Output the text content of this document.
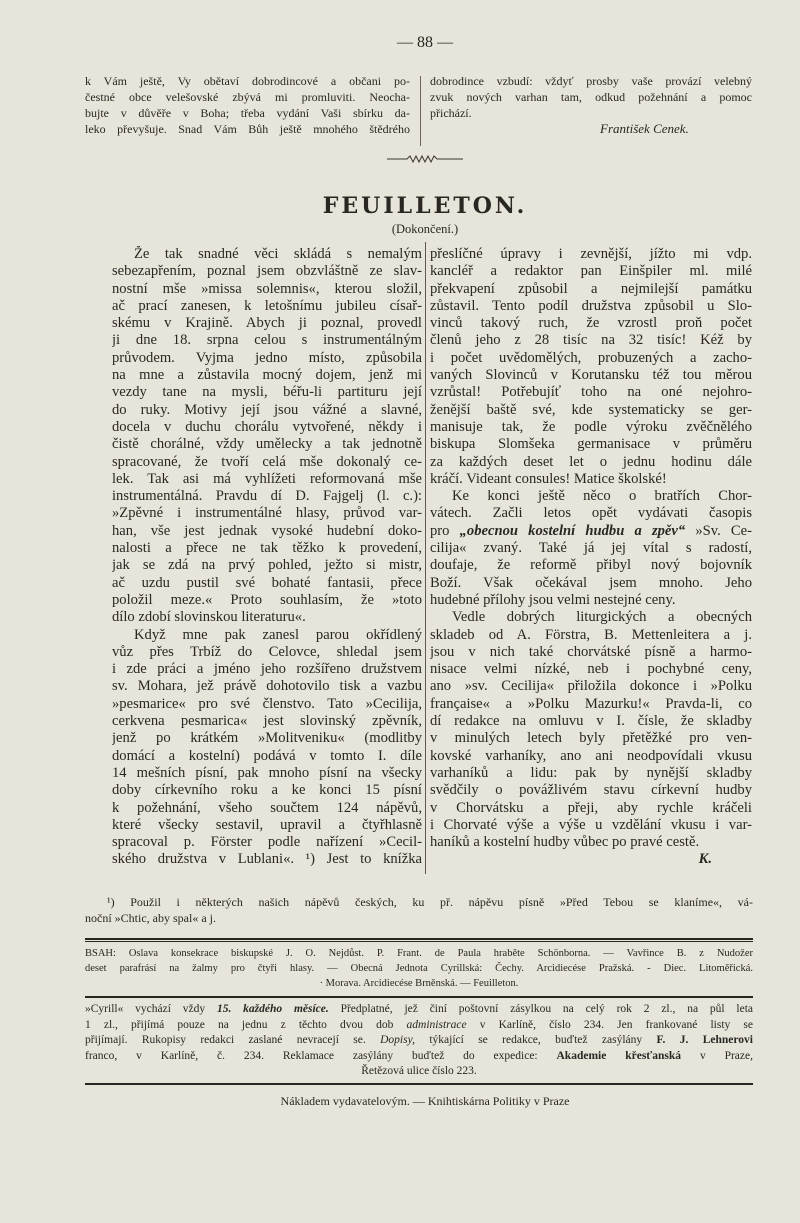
— 88 —
k Vám ještě, Vy obětaví dobrodincové a občani po-
čestné obce velešovské zbývá mi promluviti. Neocha-
bujte v důvěře v Boha; třeba vydání Vaši sbírku da-
leko převyšuje. Snad Vám Bůh ještě mnohého štědrého
dobrodince vzbudí: vždyť prosby vaše provází velebný
zvuk nových varhan tam, odkud požehnání a pomoc
přichází.
František Cenek.
FEUILLETON.
(Dokončení.)
Že tak snadné věci skládá s nemalým
sebezapřením, poznal jsem obzvláštně ze slav-
nostní mše »missa solemnis«, kterou složil,
ač prací zanesen, k letošnímu jubileu císař-
skému v Krajině. Abych ji poznal, provedl
ji dne 18. srpna celou s instrumentálným
průvodem. Vyjma jedno místo, způsobila
na mne a zůstavila mocný dojem, jenž mi
vezdy tane na mysli, béřu-li partituru její
do ruky. Motivy její jsou vážné a slavné,
docela v duchu chorálu vytvořené, někdy i
čistě chorálné, vždy umělecky a tak jednotně
spracované, že tvoří celá mše dokonalý ce-
lek. Tak asi má vyhlížeti reformovaná mše
instrumentálná. Pravdu dí D. Fajgelj (l. c.):
»Zpěvné i instrumentálné hlasy, průvod var-
han, vše jest jednak vysoké hudební doko-
nalosti a přece ne tak těžko k provedení,
jak se zdá na prvý pohled, ježto si mistr,
ač uzdu pustil své bohaté fantasii, přece
položil meze.« Proto souhlasím, že »toto
dílo zdobí slovinskou literaturu«.
Když mne pak zanesl parou okřídlený
vůz přes Trbíž do Celovce, shledal jsem
i zde práci a jméno jeho rozšířeno družstvem
sv. Mohara, jež právě dohotovilo tisk a vazbu
»pesmarice« pro své členstvo. Tato »Cecilija,
cerkvena pesmarica« jest slovinský zpěvník,
jenž po krátkém »Molitveniku« (modlitby
domácí a kostelní) podává v tomto I. díle
14 mešních písní, pak mnoho písní na všecky
doby církevního roku a ke konci 15 písní
k požehnání, všeho součtem 124 nápěvů,
které všecky sestavil, upravil a čtyřhlasně
spracoval p. Förster podle nařízení »Cecil-
ského družstva v Lublani«. ¹) Jest to knížka
přeslíčné úpravy i zevnější, jížto mi vdp.
kancléř a redaktor pan Einšpiler ml. milé
překvapení způsobil a nejmilejší památku
zůstavil. Tento podíl družstva způsobil u Slo-
vinců takový ruch, že vzrostl proň počet
členů jeho z 28 tisíc na 32 tisíc! Kéž by
i počet uvědomělých, probuzených a zacho-
vaných Slovinců v Korutansku též tou měrou
vzrůstal! Potřebujíť toho na oné nejohro-
ženější baště své, kde systematicky se ger-
manisuje tak, že podle výroku zvěčnělého
biskupa Slomšeka germanisace v průměru
za každých deset let o jednu hodinu dále
kráčí. Videant consules! Matice školské!
Ke konci ještě něco o bratřích Chor-
vátech. Začli letos opět vydávati časopis
pro „obecnou kostelní hudbu a zpěv“ »Sv. Ce-
cilija« zvaný. Také já jej vítal s radostí,
doufaje, že reformě přibyl nový bojovník
Boží. Však očekával jsem mnoho. Jeho
hudebné přílohy jsou velmi nestejné ceny.
Vedle dobrých liturgických a obecných
skladeb od A. Förstra, B. Mettenleitera a j.
jsou v nich také chorvátské písně a harmo-
nisace velmi nízké, neb i pochybné ceny,
ano »sv. Cecilija« přiložila dokonce i »Polku
française« a »Polku Mazurku!« Pravda-li, co
dí redakce na omluvu v I. čísle, že skladby
v minulých letech byly přetěžké pro ven-
kovské varhaníky, ano ani neodpovídali vkusu
varhaníků a lidu: pak by nynější skladby
svědčily o povážlivém stavu církevní hudby
v Chorvátsku a přeji, aby rychle kráčeli
i Chorvaté výše a výše u vzdělání vkusu i var-
haníků a kostelní hudby vůbec po pravé cestě.
K.
¹) Použil i některých našich nápěvů českých, ku př. nápěvu písně »Před Tebou se klaníme«, vá-
noční »Chtic, aby spal« a j.
BSAH: Oslava konsekrace biskupské J. O. Nejdůst. P. Frant. de Paula hraběte Schönborna. — Vavřince B. z Nudožer
deset parafrásí na žalmy pro čtyři hlasy. — Obecná Jednota Cyrillská: Čechy. Arcidiecése Pražská. - Diec. Litoměřická.
· Morava. Arcidiecése Brněnská. — Feuilleton.
»Cyrill« vychází vždy 15. každého měsíce. Předplatné, jež činí poštovní zásylkou na celý rok 2 zl., na půl leta
1 zl., přijímá pouze na jednu z těchto dvou dob administrace v Karlíně, číslo 234. Jen frankované listy se
přijímají. Rukopisy redakci zaslané nevracejí se. Dopisy, týkající se redakce, buďtež zasýlány F. J. Lehnerovi
franco, v Karlíně, č. 234. Reklamace zasýlány buďtež do expedice: Akademie křesťanská v Praze,
Řetězová ulice číslo 223.
Nákladem vydavatelovým. — Knihtiskárna Politiky v Praze
